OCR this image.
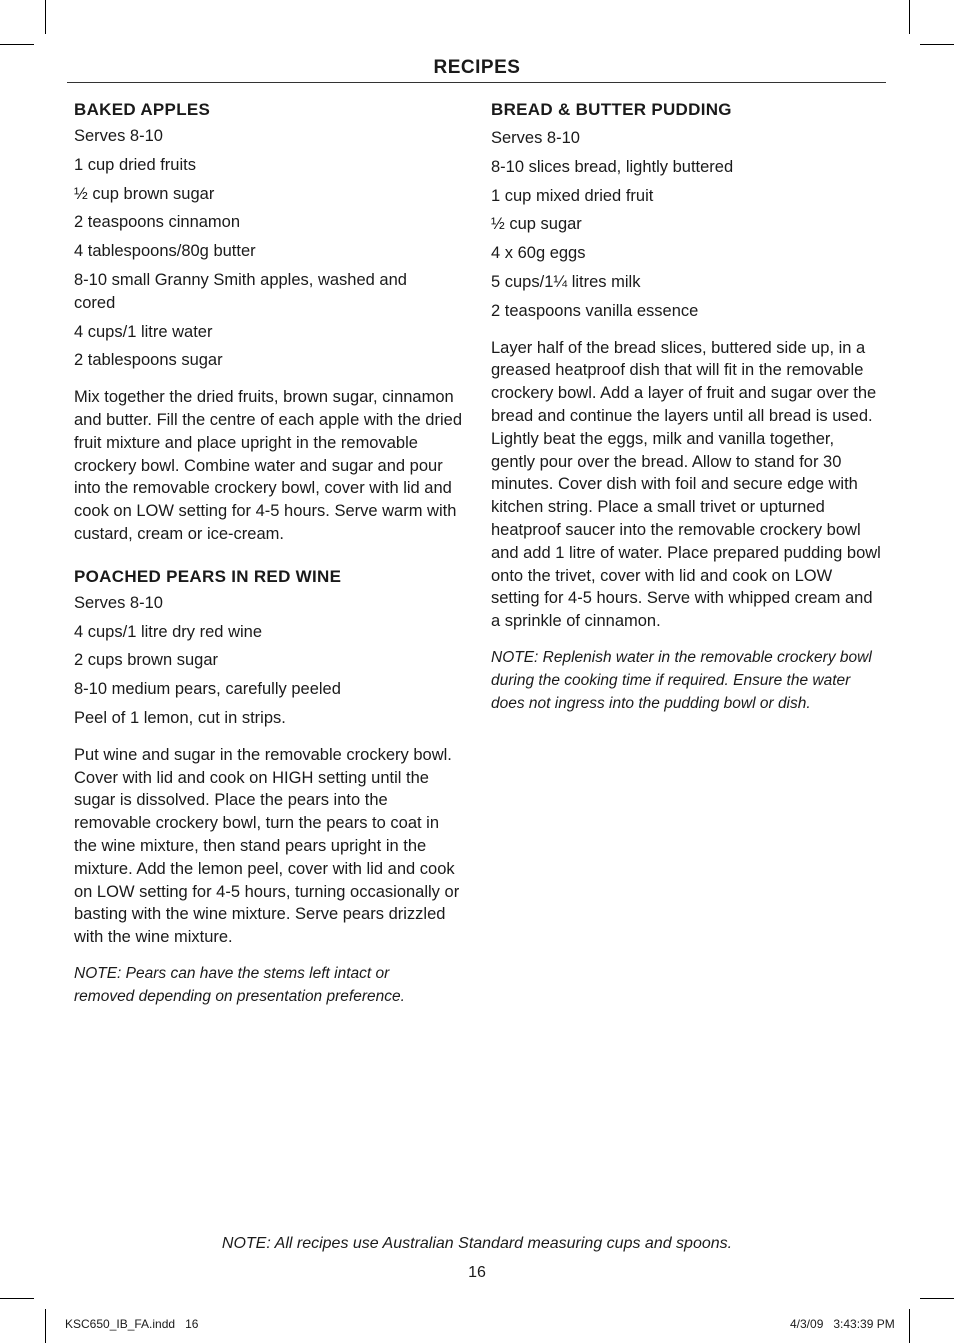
RECIPES
BAKED APPLES

Serves 8-10

1 cup dried fruits

½ cup brown sugar

2 teaspoons cinnamon

4 tablespoons/80g butter

8-10 small Granny Smith apples, washed and cored

4 cups/1 litre water

2 tablespoons sugar

Mix together the dried fruits, brown sugar, cinnamon and butter. Fill the centre of each apple with the dried fruit mixture and place upright in the removable crockery bowl. Combine water and sugar and pour into the removable crockery bowl, cover with lid and cook on LOW setting for 4-5 hours. Serve warm with custard, cream or ice-cream.

POACHED PEARS IN RED WINE

Serves 8-10

4 cups/1 litre dry red wine

2 cups brown sugar

8-10 medium pears, carefully peeled

Peel of 1 lemon, cut in strips.

Put wine and sugar in the removable crockery bowl. Cover with lid and cook on HIGH setting until the sugar is dissolved. Place the pears into the removable crockery bowl, turn the pears to coat in the wine mixture, then stand pears upright in the mixture. Add the lemon peel, cover with lid and cook on LOW setting for 4-5 hours, turning occasionally or basting with the wine mixture. Serve pears drizzled with the wine mixture.

NOTE: Pears can have the stems left intact or removed depending on presentation preference.

BREAD & BUTTER PUDDING

Serves 8-10

8-10 slices bread, lightly buttered

1 cup mixed dried fruit

½ cup sugar

4 x 60g eggs

5 cups/1¼ litres milk

2 teaspoons vanilla essence

Layer half of the bread slices, buttered side up, in a greased heatproof dish that will fit in the removable crockery bowl. Add a layer of fruit and sugar over the bread and continue the layers until all bread is used. Lightly beat the eggs, milk and vanilla together, gently pour over the bread. Allow to stand for 30 minutes. Cover dish with foil and secure edge with kitchen string. Place a small trivet or upturned heatproof saucer into the removable crockery bowl and add 1 litre of water. Place prepared pudding bowl onto the trivet, cover with lid and cook on LOW setting for 4-5 hours. Serve with whipped cream and a sprinkle of cinnamon.

NOTE: Replenish water in the removable crockery bowl during the cooking time if required. Ensure the water does not ingress into the pudding bowl or dish.

NOTE: All recipes use Australian Standard measuring cups and spoons.
16
KSC650_IB_FA.indd   16	4/3/09   3:43:39 PM
